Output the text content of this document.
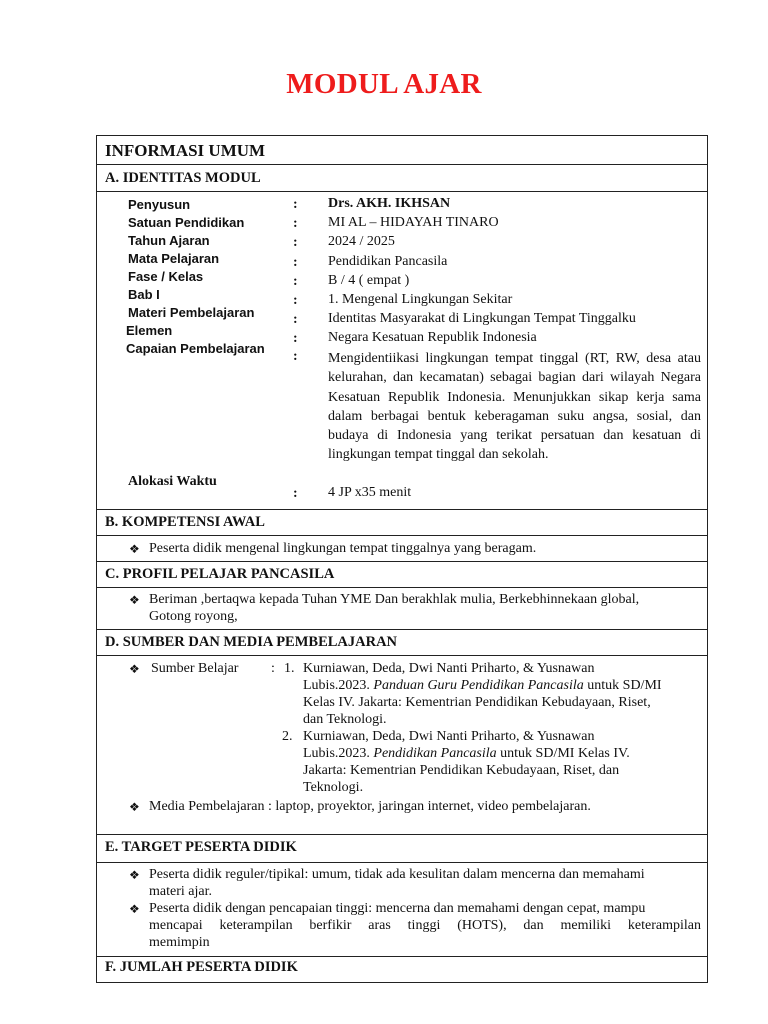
MODUL AJAR
INFORMASI UMUM
A. IDENTITAS MODUL
Penyusun
Satuan Pendidikan
Tahun Ajaran
Mata Pelajaran
Fase / Kelas
Bab I
Materi Pembelajaran
Elemen
Capaian Pembelajaran
Alokasi Waktu
:
:
:
:
:
:
:
:
:
:
Drs. AKH. IKHSAN
MI AL – HIDAYAH TINARO
2024 / 2025
Pendidikan Pancasila
B / 4 ( empat )
1. Mengenal Lingkungan Sekitar
Identitas Masyarakat di Lingkungan Tempat Tinggalku
Negara Kesatuan Republik Indonesia
Mengidentiikasi lingkungan tempat tinggal (RT, RW, desa atau kelurahan, dan kecamatan) sebagai bagian dari wilayah Negara Kesatuan Republik Indonesia. Menunjukkan sikap kerja sama dalam berbagai bentuk keberagaman suku angsa, sosial, dan budaya di Indonesia yang terikat persatuan dan kesatuan di lingkungan tempat tinggal dan sekolah.
4 JP x35 menit
B. KOMPETENSI AWAL
❖ Peserta didik mengenal lingkungan tempat tinggalnya yang beragam.
C. PROFIL PELAJAR PANCASILA
❖ Beriman ,bertaqwa kepada Tuhan YME Dan berakhlak mulia, Berkebhinnekaan global,
Gotong royong,
D. SUMBER DAN MEDIA PEMBELAJARAN
❖ Sumber Belajar : 1. Kurniawan, Deda, Dwi Nanti Priharto, & Yusnawan
Lubis.2023. Panduan Guru Pendidikan Pancasila untuk SD/MI
Kelas IV. Jakarta: Kementrian Pendidikan Kebudayaan, Riset,
dan Teknologi.
2. Kurniawan, Deda, Dwi Nanti Priharto, & Yusnawan
Lubis.2023. Pendidikan Pancasila untuk SD/MI Kelas IV.
Jakarta: Kementrian Pendidikan Kebudayaan, Riset, dan
Teknologi.
❖ Media Pembelajaran : laptop, proyektor, jaringan internet, video pembelajaran.
E. TARGET PESERTA DIDIK
❖ Peserta didik reguler/tipikal: umum, tidak ada kesulitan dalam mencerna dan memahami
materi ajar.
❖ Peserta didik dengan pencapaian tinggi: mencerna dan memahami dengan cepat, mampu
mencapai keterampilan berfikir aras tinggi (HOTS), dan memiliki keterampilan
memimpin
F. JUMLAH PESERTA DIDIK
